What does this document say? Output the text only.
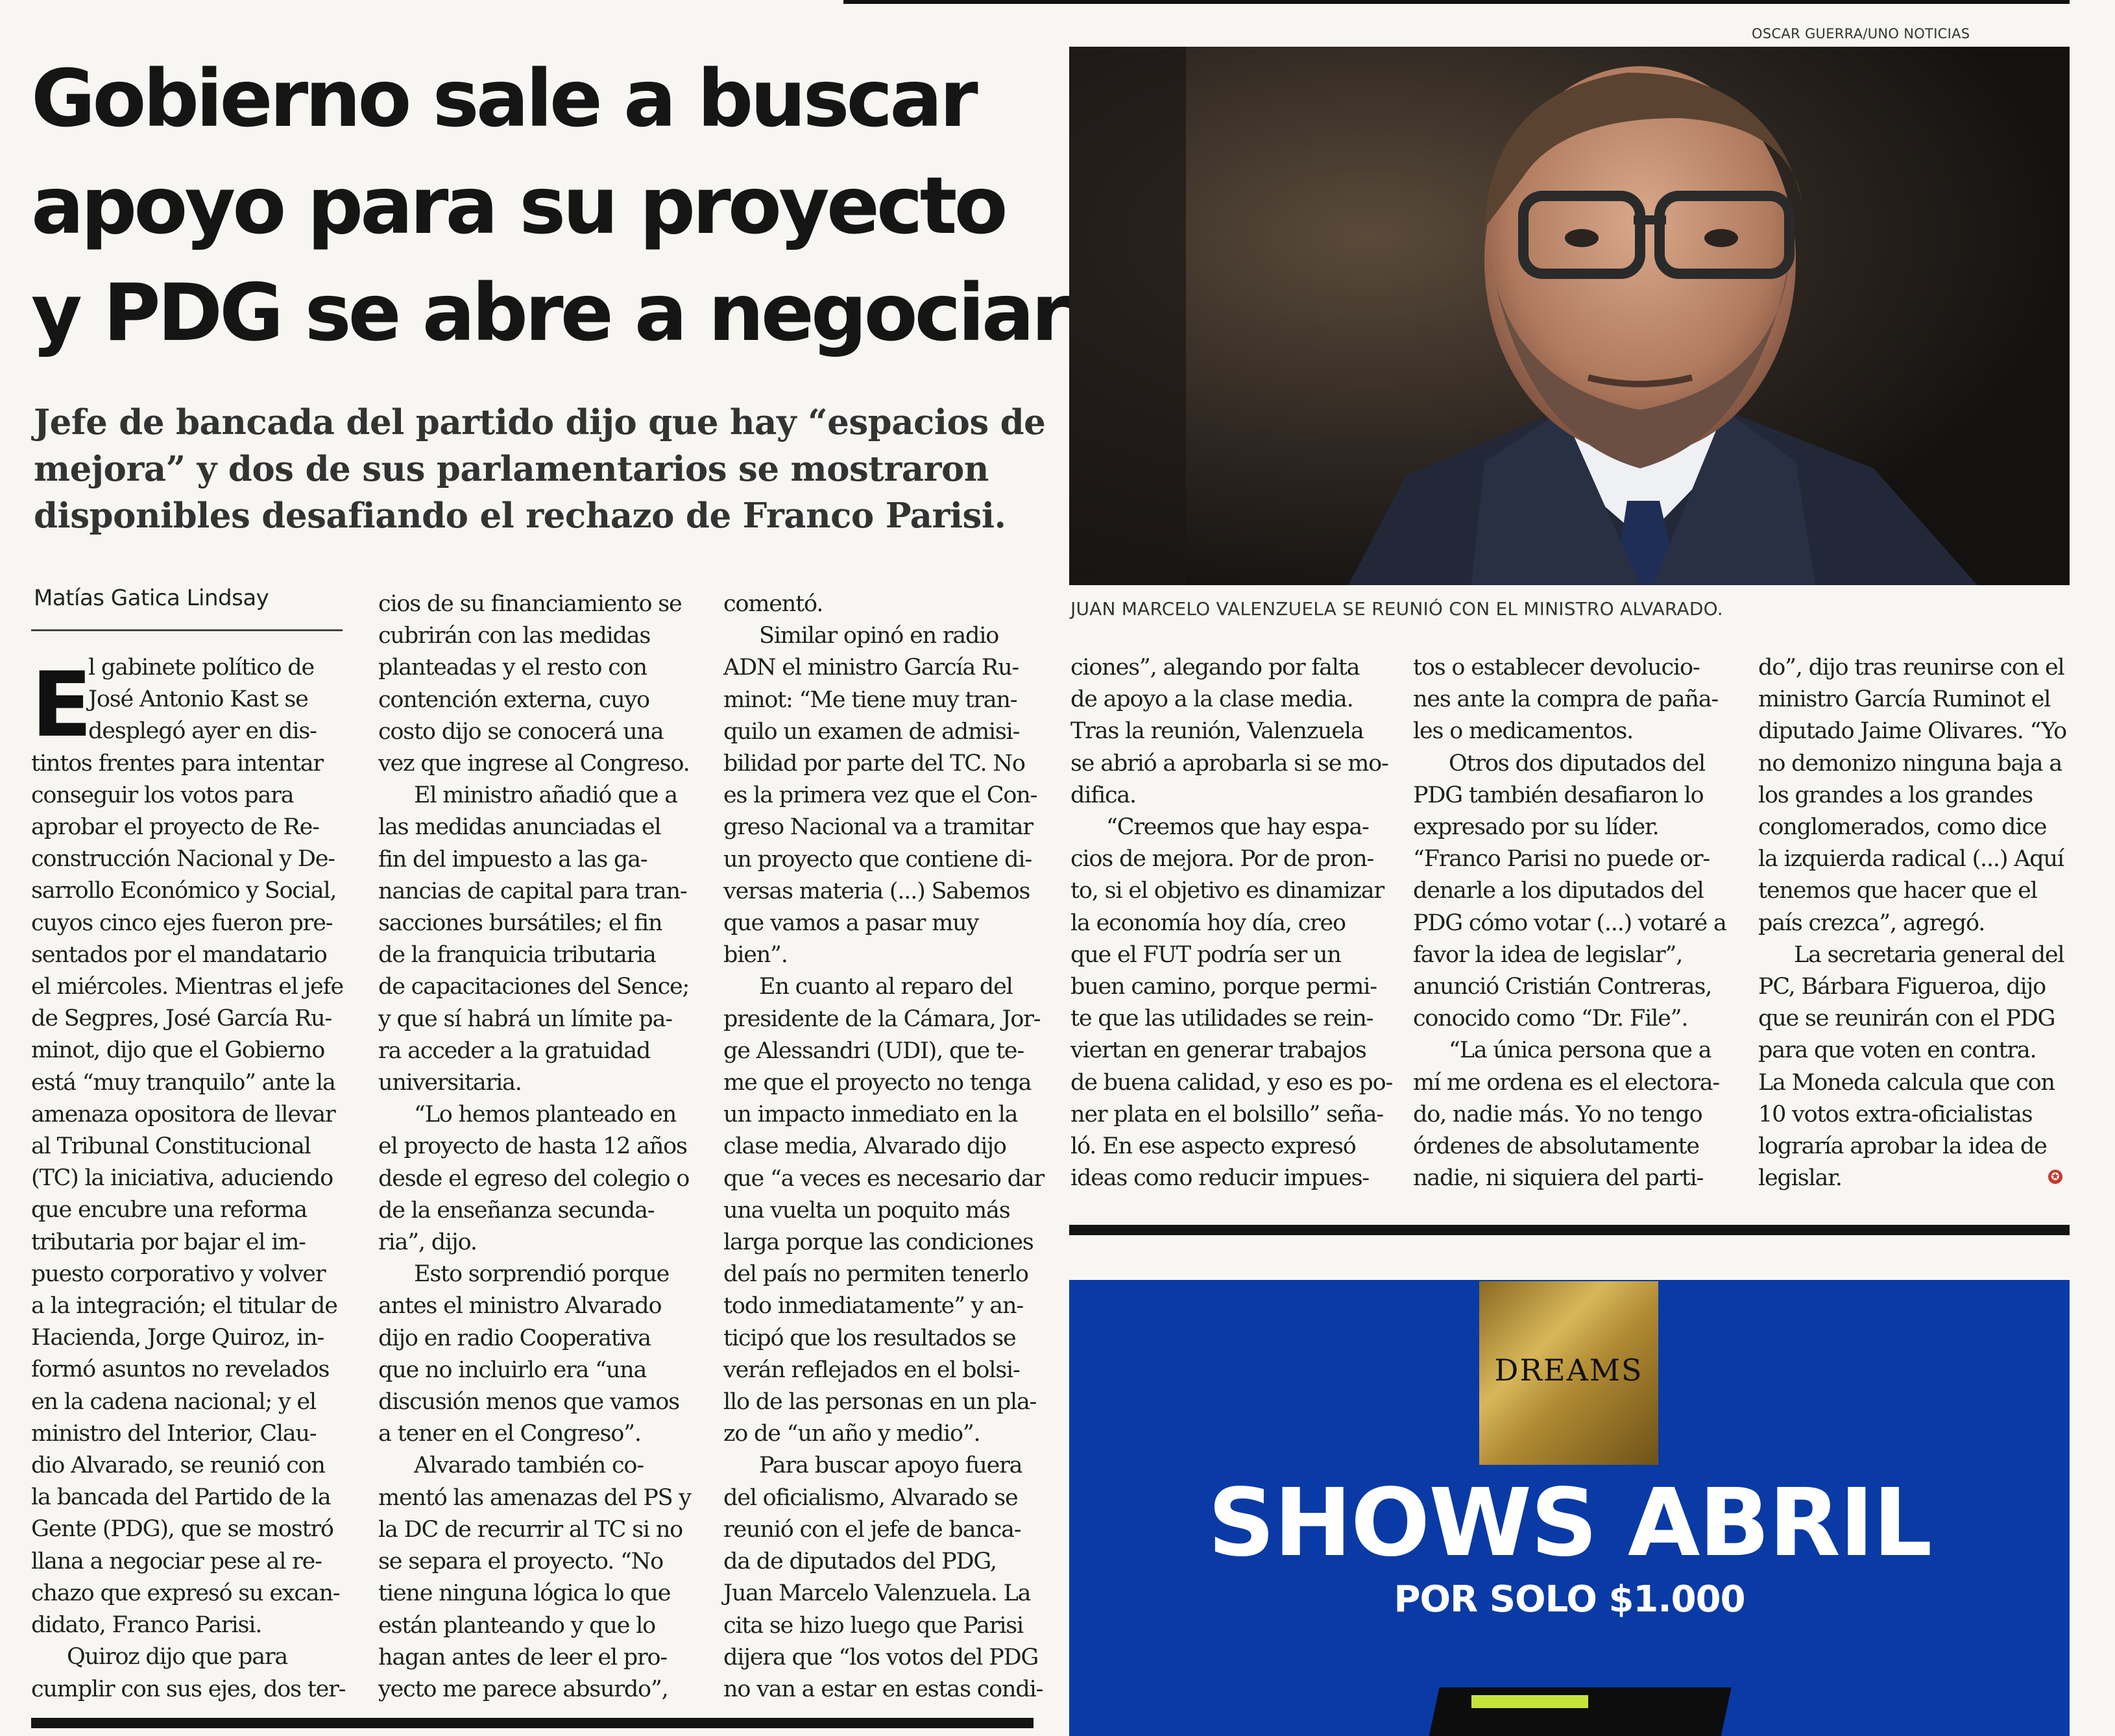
Gobierno sale a buscar
apoyo para su proyecto
y PDG se abre a negociar
Jefe de bancada del partido dijo que hay “espacios de
mejora” y dos de sus parlamentarios se mostraron
disponibles desafiando el rechazo de Franco Parisi.
Matías Gatica Lindsay
E
l gabinete político de
José Antonio Kast se
desplegó ayer en dis-
tintos frentes para intentar
conseguir los votos para
aprobar el proyecto de Re-
construcción Nacional y De-
sarrollo Económico y Social,
cuyos cinco ejes fueron pre-
sentados por el mandatario
el miércoles. Mientras el jefe
de Segpres, José García Ru-
minot, dijo que el Gobierno
está “muy tranquilo” ante la
amenaza opositora de llevar
al Tribunal Constitucional
(TC) la iniciativa, aduciendo
que encubre una reforma
tributaria por bajar el im-
puesto corporativo y volver
a la integración; el titular de
Hacienda, Jorge Quiroz, in-
formó asuntos no revelados
en la cadena nacional; y el
ministro del Interior, Clau-
dio Alvarado, se reunió con
la bancada del Partido de la
Gente (PDG), que se mostró
llana a negociar pese al re-
chazo que expresó su excan-
didato, Franco Parisi.
Quiroz dijo que para
cumplir con sus ejes, dos ter-
cios de su financiamiento se
cubrirán con las medidas
planteadas y el resto con
contención externa, cuyo
costo dijo se conocerá una
vez que ingrese al Congreso.
El ministro añadió que a
las medidas anunciadas el
fin del impuesto a las ga-
nancias de capital para tran-
sacciones bursátiles; el fin
de la franquicia tributaria
de capacitaciones del Sence;
y que sí habrá un límite pa-
ra acceder a la gratuidad
universitaria.
“Lo hemos planteado en
el proyecto de hasta 12 años
desde el egreso del colegio o
de la enseñanza secunda-
ria”, dijo.
Esto sorprendió porque
antes el ministro Alvarado
dijo en radio Cooperativa
que no incluirlo era “una
discusión menos que vamos
a tener en el Congreso”.
Alvarado también co-
mentó las amenazas del PS y
la DC de recurrir al TC si no
se separa el proyecto. “No
tiene ninguna lógica lo que
están planteando y que lo
hagan antes de leer el pro-
yecto me parece absurdo”,
comentó.
Similar opinó en radio
ADN el ministro García Ru-
minot: “Me tiene muy tran-
quilo un examen de admisi-
bilidad por parte del TC. No
es la primera vez que el Con-
greso Nacional va a tramitar
un proyecto que contiene di-
versas materia (...) Sabemos
que vamos a pasar muy
bien”.
En cuanto al reparo del
presidente de la Cámara, Jor-
ge Alessandri (UDI), que te-
me que el proyecto no tenga
un impacto inmediato en la
clase media, Alvarado dijo
que “a veces es necesario dar
una vuelta un poquito más
larga porque las condiciones
del país no permiten tenerlo
todo inmediatamente” y an-
ticipó que los resultados se
verán reflejados en el bolsi-
llo de las personas en un pla-
zo de “un año y medio”.
Para buscar apoyo fuera
del oficialismo, Alvarado se
reunió con el jefe de banca-
da de diputados del PDG,
Juan Marcelo Valenzuela. La
cita se hizo luego que Parisi
dijera que “los votos del PDG
no van a estar en estas condi-
ciones”, alegando por falta
de apoyo a la clase media.
Tras la reunión, Valenzuela
se abrió a aprobarla si se mo-
difica.
“Creemos que hay espa-
cios de mejora. Por de pron-
to, si el objetivo es dinamizar
la economía hoy día, creo
que el FUT podría ser un
buen camino, porque permi-
te que las utilidades se rein-
viertan en generar trabajos
de buena calidad, y eso es po-
ner plata en el bolsillo” seña-
ló. En ese aspecto expresó
ideas como reducir impues-
tos o establecer devolucio-
nes ante la compra de paña-
les o medicamentos.
Otros dos diputados del
PDG también desafiaron lo
expresado por su líder.
“Franco Parisi no puede or-
denarle a los diputados del
PDG cómo votar (...) votaré a
favor la idea de legislar”,
anunció Cristián Contreras,
conocido como “Dr. File”.
“La única persona que a
mí me ordena es el electora-
do, nadie más. Yo no tengo
órdenes de absolutamente
nadie, ni siquiera del parti-
do”, dijo tras reunirse con el
ministro García Ruminot el
diputado Jaime Olivares. “Yo
no demonizo ninguna baja a
los grandes a los grandes
conglomerados, como dice
la izquierda radical (...) Aquí
tenemos que hacer que el
país crezca”, agregó.
La secretaria general del
PC, Bárbara Figueroa, dijo
que se reunirán con el PDG
para que voten en contra.
La Moneda calcula que con
10 votos extra-oficialistas
lograría aprobar la idea de
legislar.
OSCAR GUERRA/UNO NOTICIAS
JUAN MARCELO VALENZUELA SE REUNIÓ CON EL MINISTRO ALVARADO.
✪
DREAMS
SHOWS ABRIL
POR SOLO $1.000
